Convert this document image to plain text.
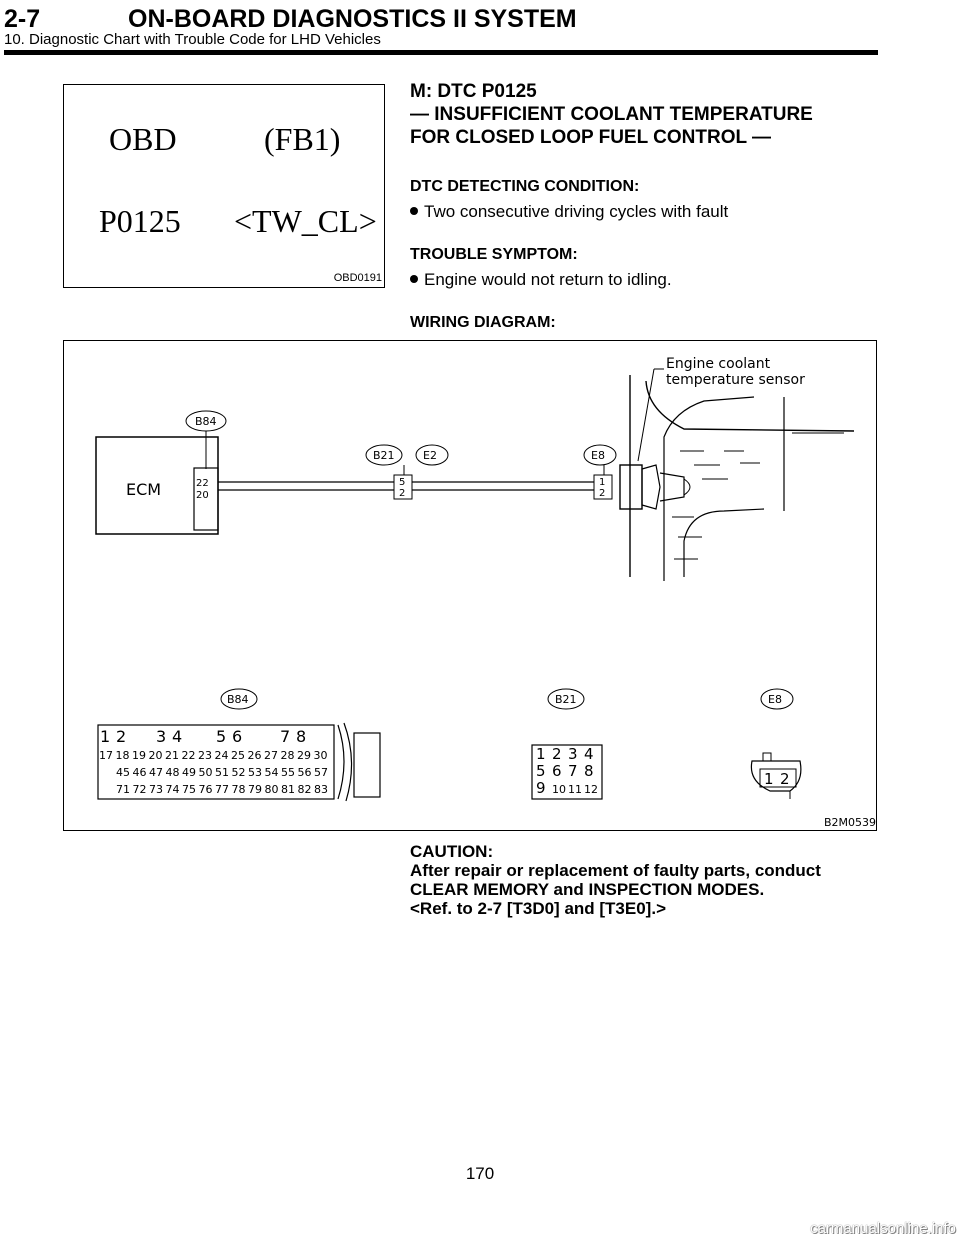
2-7	ON-BOARD DIAGNOSTICS II SYSTEM
10. Diagnostic Chart with Trouble Code for LHD Vehicles
OBD	(FB1)
P0125 <TW_CL>
OBD0191
M: DTC P0125
— INSUFFICIENT COOLANT TEMPERATURE
FOR CLOSED LOOP FUEL CONTROL —
DTC DETECTING CONDITION:
Two consecutive driving cycles with fault
TROUBLE SYMPTOM:
Engine would not return to idling.
WIRING DIAGRAM:
ECM	22
20
B84
5
2
1
2
B21	E2	E8
Engine coolant
temperature sensor
B84	B21	E8
1 2 3 4 5 6 7 8
17 18 19 20 21 22 23 24 25 26 27 28 29 30
45 46 47 48 49 50 51 52 53 54 55 56 57
71 72 73 74 75 76 77 78 79 80 81 82 83
1 2 3 4
5 6 7 8
9 10 11 12
1 2
B2M0539
CAUTION:
After repair or replacement of faulty parts, conduct CLEAR MEMORY and INSPECTION MODES.
<Ref. to 2-7 [T3D0] and [T3E0].>
170
carmanualsonline.info
